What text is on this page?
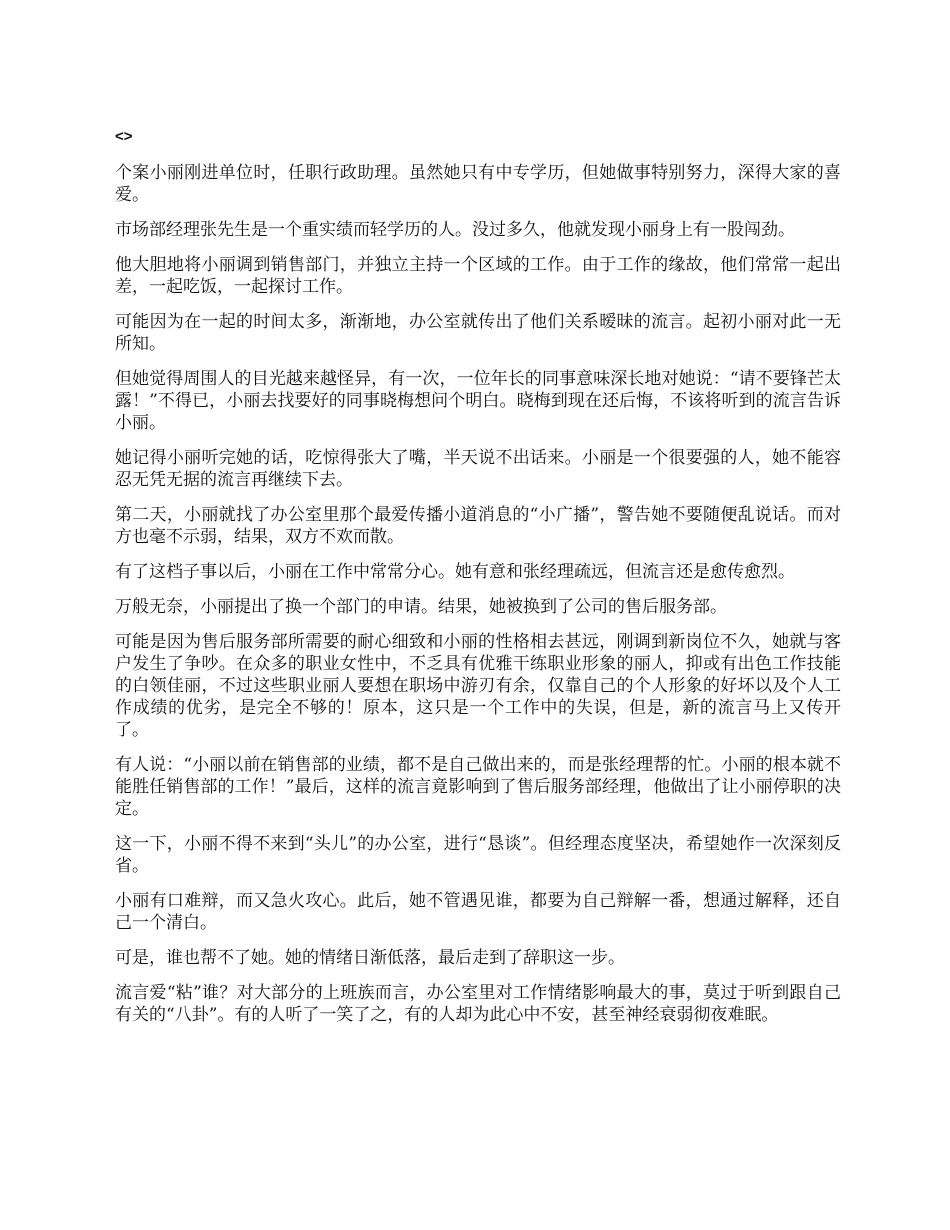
<>

个案小丽刚进单位时，任职行政助理。虽然她只有中专学历，但她做事特别努力，深得大家的喜爱。

市场部经理张先生是一个重实绩而轻学历的人。没过多久，他就发现小丽身上有一股闯劲。

他大胆地将小丽调到销售部门，并独立主持一个区域的工作。由于工作的缘故，他们常常一起出差，一起吃饭，一起探讨工作。

可能因为在一起的时间太多，渐渐地，办公室就传出了他们关系暧昧的流言。起初小丽对此一无所知。

但她觉得周围人的目光越来越怪异，有一次，一位年长的同事意味深长地对她说：“请不要锋芒太露！”不得已，小丽去找要好的同事晓梅想问个明白。晓梅到现在还后悔，不该将听到的流言告诉小丽。

她记得小丽听完她的话，吃惊得张大了嘴，半天说不出话来。小丽是一个很要强的人，她不能容忍无凭无据的流言再继续下去。

第二天，小丽就找了办公室里那个最爱传播小道消息的“小广播”，警告她不要随便乱说话。而对方也毫不示弱，结果，双方不欢而散。

有了这档子事以后，小丽在工作中常常分心。她有意和张经理疏远，但流言还是愈传愈烈。

万般无奈，小丽提出了换一个部门的申请。结果，她被换到了公司的售后服务部。

可能是因为售后服务部所需要的耐心细致和小丽的性格相去甚远，刚调到新岗位不久，她就与客户发生了争吵。在众多的职业女性中，不乏具有优雅干练职业形象的丽人，抑或有出色工作技能的白领佳丽，不过这些职业丽人要想在职场中游刃有余，仅靠自己的个人形象的好坏以及个人工作成绩的优劣，是完全不够的！原本，这只是一个工作中的失误，但是，新的流言马上又传开了。

有人说：“小丽以前在销售部的业绩，都不是自己做出来的，而是张经理帮的忙。小丽的根本就不能胜任销售部的工作！”最后，这样的流言竟影响到了售后服务部经理，他做出了让小丽停职的决定。

这一下，小丽不得不来到“头儿”的办公室，进行“恳谈”。但经理态度坚决，希望她作一次深刻反省。

小丽有口难辩，而又急火攻心。此后，她不管遇见谁，都要为自己辩解一番，想通过解释，还自己一个清白。

可是，谁也帮不了她。她的情绪日渐低落，最后走到了辞职这一步。

流言爱“粘”谁？对大部分的上班族而言，办公室里对工作情绪影响最大的事，莫过于听到跟自己有关的“八卦”。有的人听了一笑了之，有的人却为此心中不安，甚至神经衰弱彻夜难眠。
